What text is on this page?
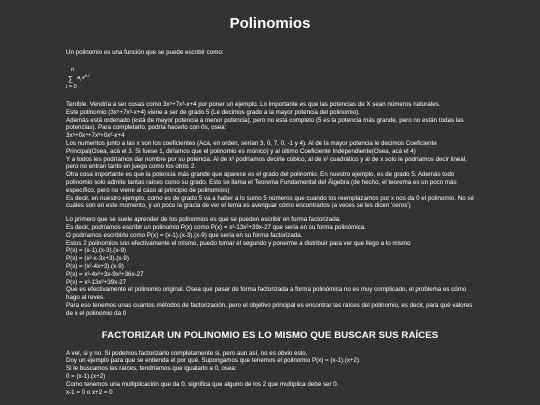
Polinomios

Un polinomio es una función que se puede escribir como:

n
∑ $a_ix^{n-i}$
i = 0

Terrible. Vendría a ser cosas como 3x⁵+7x³-x+4 por poner un ejemplo. Lo importante es que las potencias de X sean números naturales.

Este polinomio (3x⁵+7x³-x+4) viene a ser de grado 5 (Le decimos grado a la mayor potencia del polinomio).

Además está ordenado (está de mayor potencia a menor potencia), pero no está completo (5 es la potencia más grande, pero no están todas las potencias). Para completarlo, podría hacerlo con 0s, osea:

3x⁵+0x⁴+7x³+0x²-x+4

Los numeritos junto a las x son los coeficientes (Acá, en orden, serían 3, 0, 7, 0, -1 y 4). Al de la mayor potencia le decimos Coeficiente Principal(Osea, acá el 3. Si fuese 1, diríamos que el polinomio es mónico) y al último Coeficiente Independiente(Osea, acá el 4)

Y a todos les podríamos dar nombre por su potencia. Al de x³ podríamos decirle cúbico, al de x² cuadrático y al de x solo le podríamos decir lineal, pero no entran tanto en juego como los otros 2.

Otra cosa importante es que la potencia más grande que aparece es el grado del polinomio. En nuestro ejemplo, es de grado 5. Además todo polinomio solo admite tantas raíces como su grado. Esto se llama el Teorema Fundamental del Álgebra (de hecho, el teorema es un poco más específico, pero no viene al caso al principio de polinomios)

Es decir, en nuestro ejemplo, como es de grado 5 va a haber a lo sumo 5 números que cuando los reemplazamos por x nos da 0 el polinomio. No sé cuáles son en este momento, y un poco la gracia de ver el tema es averiguar cómo encontrarlos (a veces se les dicen 'ceros')

Lo primero que se suele aprender de los polinomios es que se pueden escribir en forma factorizada.

Es decir, podríamos escribir un polinomio P(x) como P(x) = x³-13x²+39x-27 que sería en su forma polinómica.

O podríamos escribirlo como P(x) = (x-1).(x-3).(x-9) que sería en su forma factorizada.

Estos 2 polinomios son efectivamente el mismo, puedo tomar el segundo y ponerme a distribuir para ver que llego a lo mismo

P(x) = (x-1).(x-3).(x-9)

P(x) = (x²-x-3x+3).(x-9)

P(x) = (x²-4x+3).(x-9)

P(x) = x³-4x²+3x-9x²+36x-27

P(x) = x³-13x²+39x-27

Que es efectivamente el polinomio original. Osea que pasar de forma factorizada a forma polinómica no es muy complicado, el problema es cómo hago al reves.

Para eso tenemos unas cuantos métodos de factorización, pero el objetivo principal es encontrar las raíces del polinomio, es decir, para qué valores de x el polinomio da 0

FACTORIZAR UN POLINOMIO ES LO MISMO QUE BUSCAR SUS RAÍCES

A ver, si y no. Si podemos factorizarlo completamente si, pero aun así, no es obvio esto.

Doy un ejemplo para que se entienda el por qué. Supongamos que tenemos el polinomio P(x) = (x-1).(x+2)

Si le buscamos las raíces, tendríamos que igualarlo a 0, osea:

0 = (x-1).(x+2)

Como tenemos una multiplicación que da 0, significa que alguno de los 2 que multiplica debe ser 0.

x-1 = 0 o x+2 = 0
